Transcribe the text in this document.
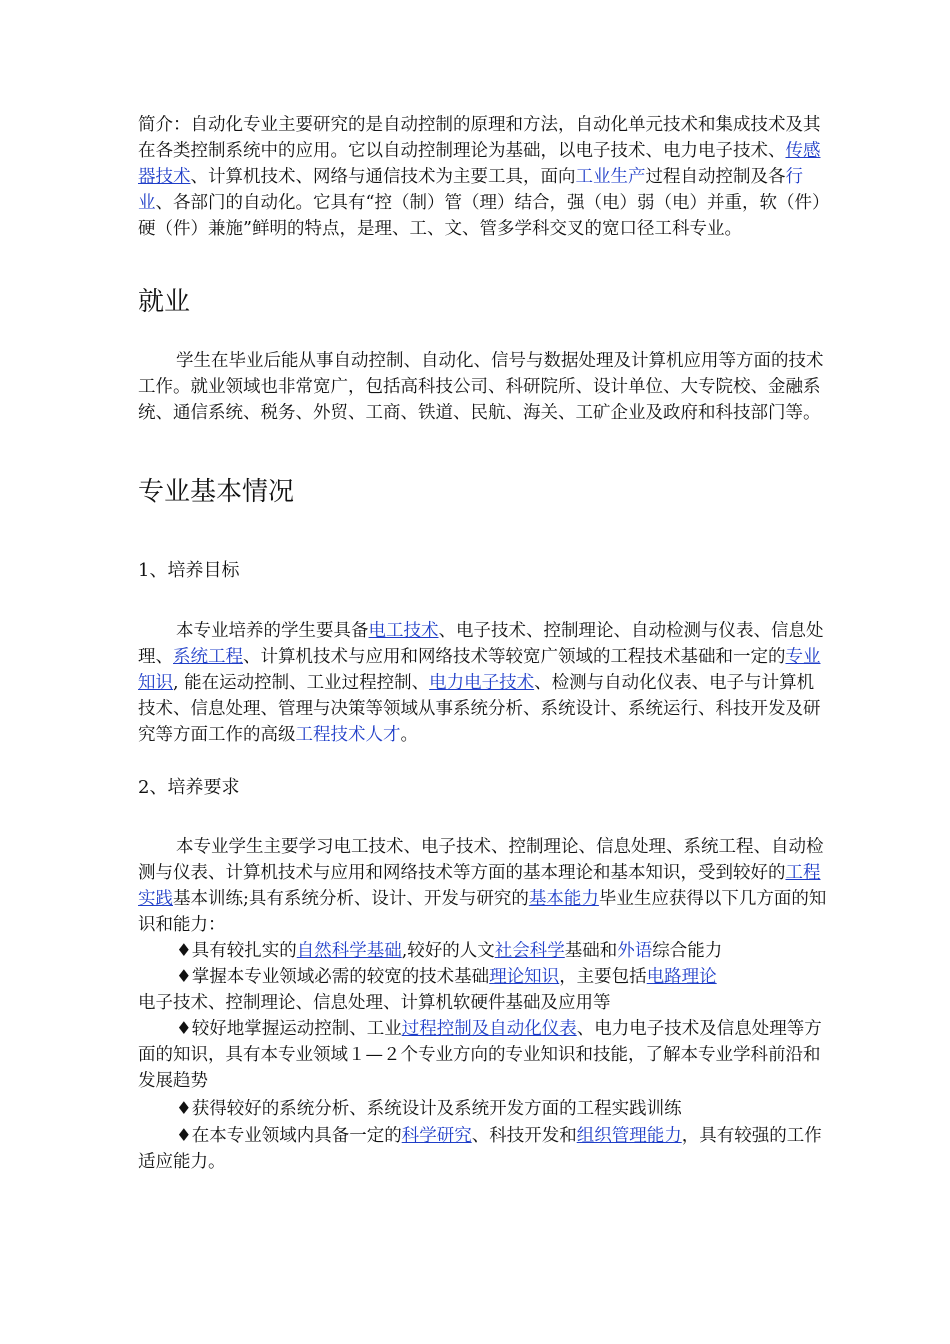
简介：自动化专业主要研究的是自动控制的原理和方法，自动化单元技术和集成技术及其在各类控制系统中的应用。它以自动控制理论为基础，以电子技术、电力电子技术、传感器技术、计算机技术、网络与通信技术为主要工具，面向工业生产过程自动控制及各行业、各部门的自动化。它具有“控（制）管（理）结合，强（电）弱（电）并重，软（件）硬（件）兼施”鲜明的特点，是理、工、文、管多学科交叉的宽口径工科专业。

就业

学生在毕业后能从事自动控制、自动化、信号与数据处理及计算机应用等方面的技术工作。就业领域也非常宽广，包括高科技公司、科研院所、设计单位、大专院校、金融系统、通信系统、税务、外贸、工商、铁道、民航、海关、工矿企业及政府和科技部门等。

专业基本情况
1、培养目标

本专业培养的学生要具备电工技术、电子技术、控制理论、自动检测与仪表、信息处理、系统工程、计算机技术与应用和网络技术等较宽广领域的工程技术基础和一定的专业知识, 能在运动控制、工业过程控制、电力电子技术、检测与自动化仪表、电子与计算机技术、信息处理、管理与决策等领域从事系统分析、系统设计、系统运行、科技开发及研究等方面工作的高级工程技术人才。

2、培养要求

本专业学生主要学习电工技术、电子技术、控制理论、信息处理、系统工程、自动检测与仪表、计算机技术与应用和网络技术等方面的基本理论和基本知识，受到较好的工程实践基本训练;具有系统分析、设计、开发与研究的基本能力毕业生应获得以下几方面的知识和能力：

♦具有较扎实的自然科学基础,较好的人文社会科学基础和外语综合能力

♦掌握本专业领域必需的较宽的技术基础理论知识，主要包括电路理论
电子技术、控制理论、信息处理、计算机软硬件基础及应用等

♦较好地掌握运动控制、工业过程控制及自动化仪表、电力电子技术及信息处理等方面的知识，具有本专业领域１—２个专业方向的专业知识和技能，了解本专业学科前沿和发展趋势

♦获得较好的系统分析、系统设计及系统开发方面的工程实践训练

♦在本专业领域内具备一定的科学研究、科技开发和组织管理能力，具有较强的工作适应能力。
